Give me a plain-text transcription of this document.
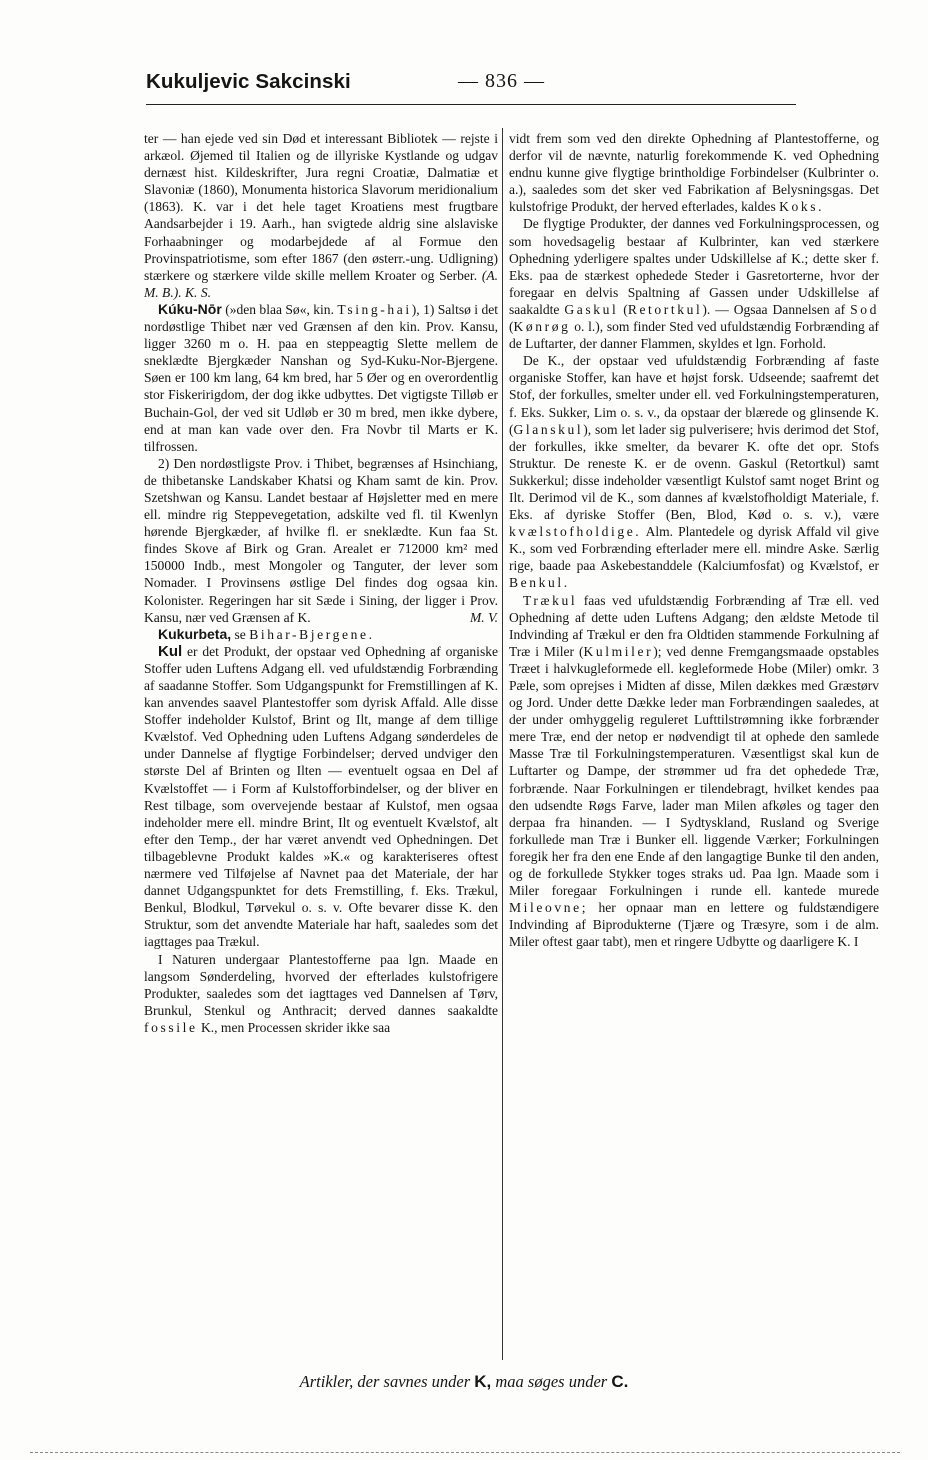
Kukuljevic Sakcinski	— 836 —

ter — han ejede ved sin Død et interessant Bibliotek — rejste i arkæol. Øjemed til Italien og de illyriske Kystlande og udgav dernæst hist. Kildeskrifter, Jura regni Croatiæ, Dalmatiæ et Slavoniæ (1860), Monumenta historica Slavorum meridionalium (1863). K. var i det hele taget Kroatiens mest frugtbare Aandsarbejder i 19. Aarh., han svigtede aldrig sine alslaviske Forhaabninger og modarbejdede af al Formue den Provinspatriotisme, som efter 1867 (den østerr.-ung. Udligning) stærkere og stærkere vilde skille mellem Kroater og Serber. (A. M. B.). K. S.

Kúku-Nōr (»den blaa Sø«, kin. Tsing-hai), 1) Saltsø i det nordøstlige Thibet nær ved Grænsen af den kin. Prov. Kansu, ligger 3260 m o. H. paa en steppeagtig Slette mellem de sneklædte Bjergkæder Nanshan og Syd-Kuku-Nor-Bjergene. Søen er 100 km lang, 64 km bred, har 5 Øer og en overordentlig stor Fiskeririgdom, der dog ikke udbyttes. Det vigtigste Tilløb er Buchain-Gol, der ved sit Udløb er 30 m bred, men ikke dybere, end at man kan vade over den. Fra Novbr til Marts er K. tilfrossen.

2) Den nordøstligste Prov. i Thibet, begrænses af Hsinchiang, de thibetanske Landskaber Khatsi og Kham samt de kin. Prov. Szetshwan og Kansu. Landet bestaar af Højsletter med en mere ell. mindre rig Steppevegetation, adskilte ved fl. til Kwenlyn hørende Bjergkæder, af hvilke fl. er sneklædte. Kun faa St. findes Skove af Birk og Gran. Arealet er 712000 km² med 150000 Indb., mest Mongoler og Tanguter, der lever som Nomader. I Provinsens østlige Del findes dog ogsaa kin. Kolonister. Regeringen har sit Sæde i Sining, der ligger i Prov. Kansu, nær ved Grænsen af K.	M. V.

Kukurbeta, se Bihar-Bjergene.

Kul er det Produkt, der opstaar ved Ophedning af organiske Stoffer uden Luftens Adgang ell. ved ufuldstændig Forbrænding af saadanne Stoffer. Som Udgangspunkt for Fremstillingen af K. kan anvendes saavel Plantestoffer som dyrisk Affald. Alle disse Stoffer indeholder Kulstof, Brint og Ilt, mange af dem tillige Kvælstof. Ved Ophedning uden Luftens Adgang sønderdeles de under Dannelse af flygtige Forbindelser; derved undviger den største Del af Brinten og Ilten — eventuelt ogsaa en Del af Kvælstoffet — i Form af Kulstofforbindelser, og der bliver en Rest tilbage, som overvejende bestaar af Kulstof, men ogsaa indeholder mere ell. mindre Brint, Ilt og eventuelt Kvælstof, alt efter den Temp., der har været anvendt ved Ophedningen. Det tilbageblevne Produkt kaldes »K.« og karakteriseres oftest nærmere ved Tilføjelse af Navnet paa det Materiale, der har dannet Udgangspunktet for dets Fremstilling, f. Eks. Trækul, Benkul, Blodkul, Tørvekul o. s. v. Ofte bevarer disse K. den Struktur, som det anvendte Materiale har haft, saaledes som det iagttages paa Trækul.

I Naturen undergaar Plantestofferne paa lgn. Maade en langsom Sønderdeling, hvorved der efterlades kulstofrigere Produkter, saaledes som det iagttages ved Dannelsen af Tørv, Brunkul, Stenkul og Anthracit; derved dannes saakaldte fossile K., men Processen skrider ikke saa

vidt frem som ved den direkte Ophedning af Plantestofferne, og derfor vil de nævnte, naturlig forekommende K. ved Ophedning endnu kunne give flygtige brintholdige Forbindelser (Kulbrinter o. a.), saaledes som det sker ved Fabrikation af Belysningsgas. Det kulstofrige Produkt, der herved efterlades, kaldes Koks.

De flygtige Produkter, der dannes ved Forkulningsprocessen, og som hovedsagelig bestaar af Kulbrinter, kan ved stærkere Ophedning yderligere spaltes under Udskillelse af K.; dette sker f. Eks. paa de stærkest ophedede Steder i Gasretorterne, hvor der foregaar en delvis Spaltning af Gassen under Udskillelse af saakaldte Gaskul (Retortkul). — Ogsaa Dannelsen af Sod (Kønrøg o. l.), som finder Sted ved ufuldstændig Forbrænding af de Luftarter, der danner Flammen, skyldes et lgn. Forhold.

De K., der opstaar ved ufuldstændig Forbrænding af faste organiske Stoffer, kan have et højst forsk. Udseende; saafremt det Stof, der forkulles, smelter under ell. ved Forkulningstemperaturen, f. Eks. Sukker, Lim o. s. v., da opstaar der blærede og glinsende K. (Glanskul), som let lader sig pulverisere; hvis derimod det Stof, der forkulles, ikke smelter, da bevarer K. ofte det opr. Stofs Struktur. De reneste K. er de ovenn. Gaskul (Retortkul) samt Sukkerkul; disse indeholder væsentligt Kulstof samt noget Brint og Ilt. Derimod vil de K., som dannes af kvælstofholdigt Materiale, f. Eks. af dyriske Stoffer (Ben, Blod, Kød o. s. v.), være kvælstofholdige. Alm. Plantedele og dyrisk Affald vil give K., som ved Forbrænding efterlader mere ell. mindre Aske. Særlig rige, baade paa Askebestanddele (Kalciumfosfat) og Kvælstof, er Benkul.

Trækul faas ved ufuldstændig Forbrænding af Træ ell. ved Ophedning af dette uden Luftens Adgang; den ældste Metode til Indvinding af Trækul er den fra Oldtiden stammende Forkulning af Træ i Miler (Kulmiler); ved denne Fremgangsmaade opstables Træet i halvkugleformede ell. kegleformede Hobe (Miler) omkr. 3 Pæle, som oprejses i Midten af disse, Milen dækkes med Græstørv og Jord. Under dette Dække leder man Forbrændingen saaledes, at der under omhyggelig reguleret Lufttilstrømning ikke forbrænder mere Træ, end der netop er nødvendigt til at ophede den samlede Masse Træ til Forkulningstemperaturen. Væsentligst skal kun de Luftarter og Dampe, der strømmer ud fra det ophedede Træ, forbrænde. Naar Forkulningen er tilendebragt, hvilket kendes paa den udsendte Røgs Farve, lader man Milen afkøles og tager den derpaa fra hinanden. — I Sydtyskland, Rusland og Sverige forkullede man Træ i Bunker ell. liggende Værker; Forkulningen foregik her fra den ene Ende af den langagtige Bunke til den anden, og de forkullede Stykker toges straks ud. Paa lgn. Maade som i Miler foregaar Forkulningen i runde ell. kantede murede Mileovne; her opnaar man en lettere og fuldstændigere Indvinding af Biprodukterne (Tjære og Træsyre, som i de alm. Miler oftest gaar tabt), men et ringere Udbytte og daarligere K. I

Artikler, der savnes under K, maa søges under C.
